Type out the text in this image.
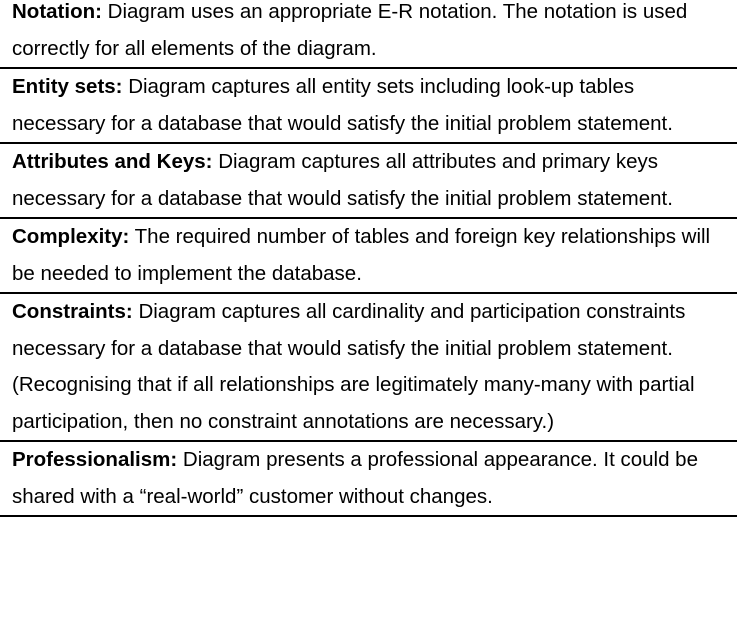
Notation: Diagram uses an appropriate E-R notation. The notation is used correctly for all elements of the diagram.
Entity sets: Diagram captures all entity sets including look-up tables necessary for a database that would satisfy the initial problem statement.
Attributes and Keys: Diagram captures all attributes and primary keys necessary for a database that would satisfy the initial problem statement.
Complexity: The required number of tables and foreign key relationships will be needed to implement the database.
Constraints: Diagram captures all cardinality and participation constraints necessary for a database that would satisfy the initial problem statement. (Recognising that if all relationships are legitimately many-many with partial participation, then no constraint annotations are necessary.)
Professionalism: Diagram presents a professional appearance. It could be shared with a “real-world” customer without changes.
